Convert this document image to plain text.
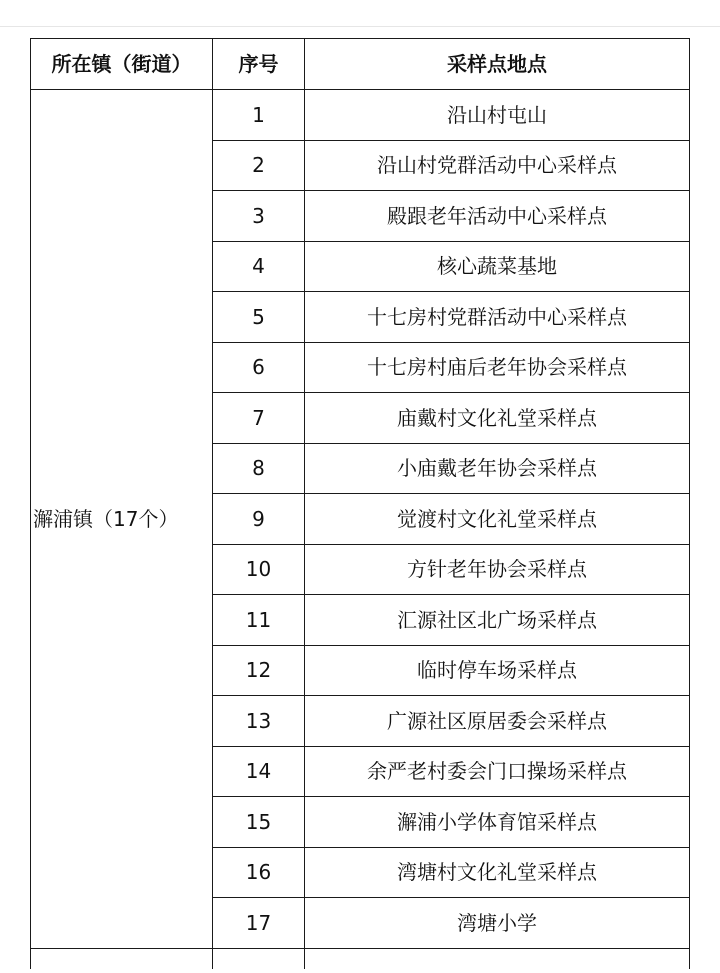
所在镇（街道）	序号	采样点地点
澥浦镇（17个）	1	沿山村屯山
	2	沿山村党群活动中心采样点
	3	殿跟老年活动中心采样点
	4	核心蔬菜基地
	5	十七房村党群活动中心采样点
	6	十七房村庙后老年协会采样点
	7	庙戴村文化礼堂采样点
	8	小庙戴老年协会采样点
	9	觉渡村文化礼堂采样点
	10	方针老年协会采样点
	11	汇源社区北广场采样点
	12	临时停车场采样点
	13	广源社区原居委会采样点
	14	余严老村委会门口操场采样点
	15	澥浦小学体育馆采样点
	16	湾塘村文化礼堂采样点
	17	湾塘小学
